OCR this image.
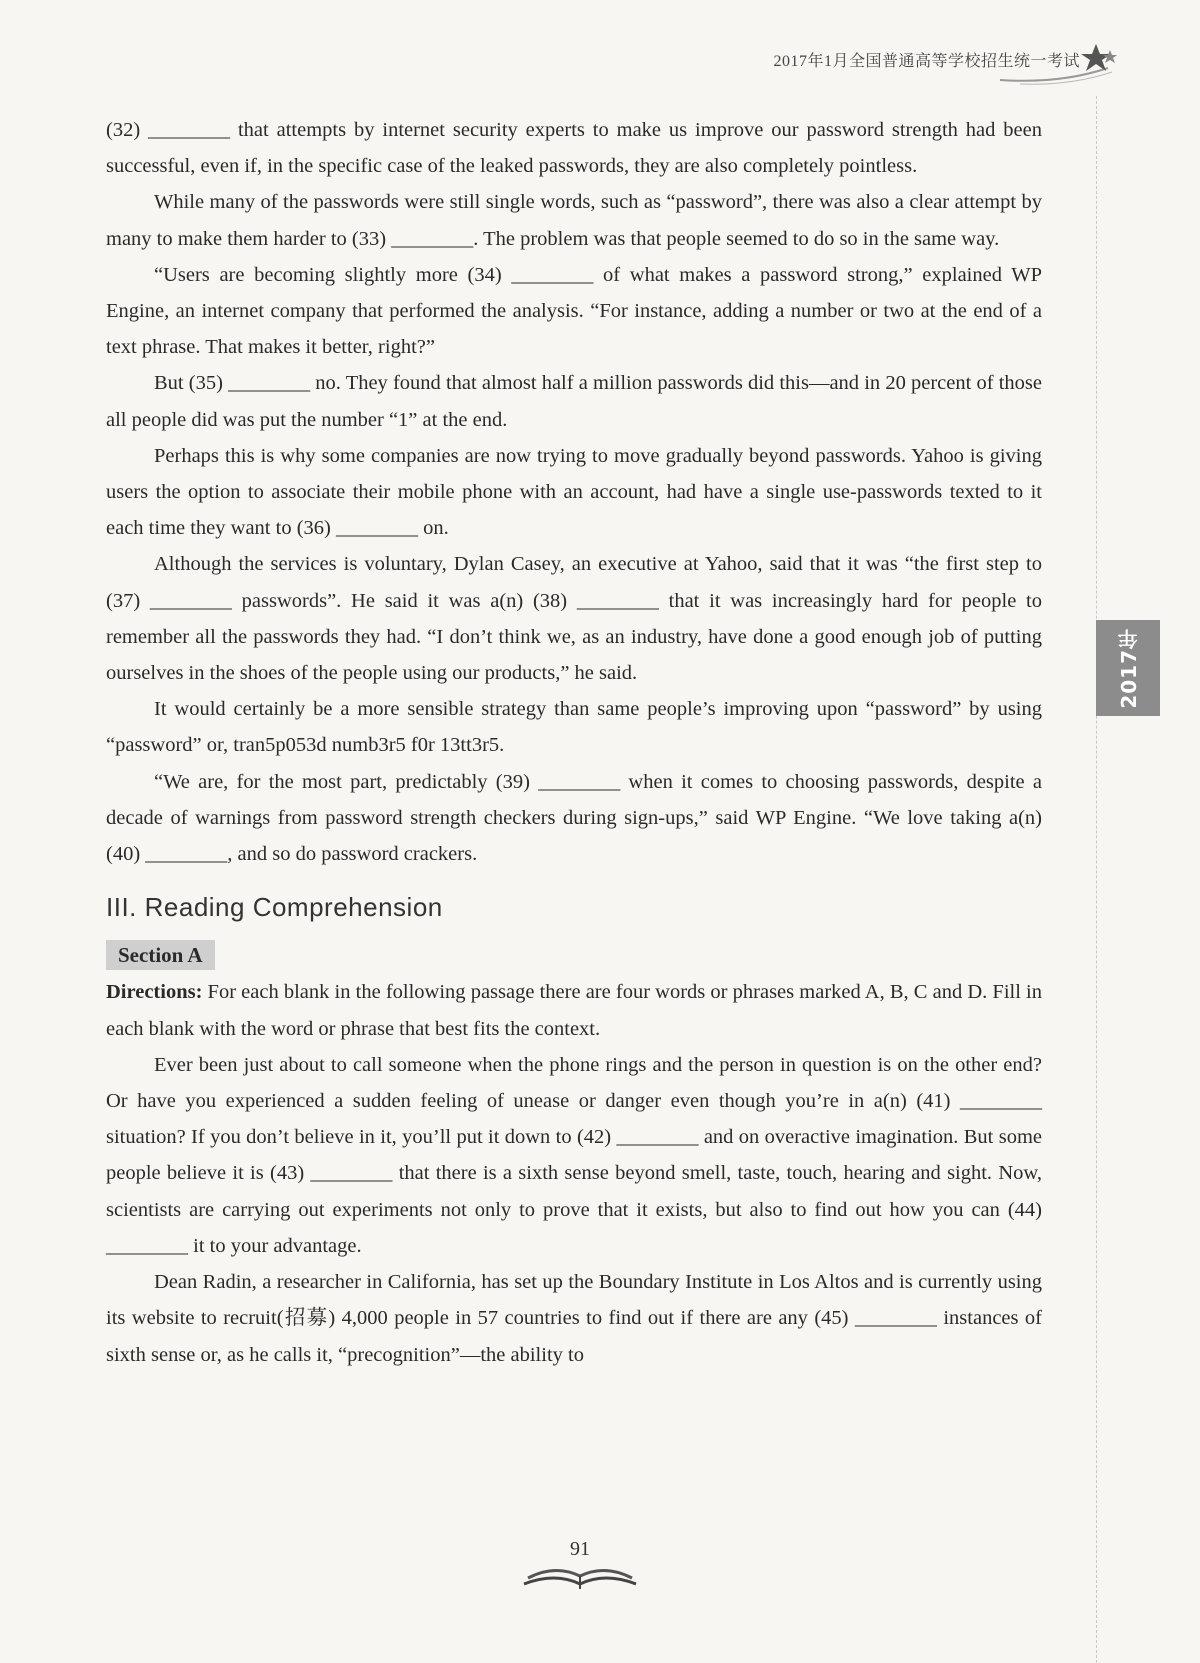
2017年1月全国普通高等学校招生统一考试
2017年

(32) ________ that attempts by internet security experts to make us improve our password strength had been successful, even if, in the specific case of the leaked passwords, they are also completely pointless.

While many of the passwords were still single words, such as “password”, there was also a clear attempt by many to make them harder to (33) ________. The problem was that people seemed to do so in the same way.

“Users are becoming slightly more (34) ________ of what makes a password strong,” explained WP Engine, an internet company that performed the analysis. “For instance, adding a number or two at the end of a text phrase. That makes it better, right?”

But (35) ________ no. They found that almost half a million passwords did this—and in 20 percent of those all people did was put the number “1” at the end.

Perhaps this is why some companies are now trying to move gradually beyond passwords. Yahoo is giving users the option to associate their mobile phone with an account, had have a single use-passwords texted to it each time they want to (36) ________ on.

Although the services is voluntary, Dylan Casey, an executive at Yahoo, said that it was “the first step to (37) ________ passwords”. He said it was a(n) (38) ________ that it was increasingly hard for people to remember all the passwords they had. “I don’t think we, as an industry, have done a good enough job of putting ourselves in the shoes of the people using our products,” he said.

It would certainly be a more sensible strategy than same people’s improving upon “password” by using “password” or, tran5p053d numb3r5 f0r 13tt3r5.

“We are, for the most part, predictably (39) ________ when it comes to choosing passwords, despite a decade of warnings from password strength checkers during sign-ups,” said WP Engine. “We love taking a(n) (40) ________, and so do password crackers.

III. Reading Comprehension
Section A

Directions: For each blank in the following passage there are four words or phrases marked A, B, C and D. Fill in each blank with the word or phrase that best fits the context.

Ever been just about to call someone when the phone rings and the person in question is on the other end? Or have you experienced a sudden feeling of unease or danger even though you’re in a(n) (41) ________ situation? If you don’t believe in it, you’ll put it down to (42) ________ and on overactive imagination. But some people believe it is (43) ________ that there is a sixth sense beyond smell, taste, touch, hearing and sight. Now, scientists are carrying out experiments not only to prove that it exists, but also to find out how you can (44) ________ it to your advantage.

Dean Radin, a researcher in California, has set up the Boundary Institute in Los Altos and is currently using its website to recruit(招募) 4,000 people in 57 countries to find out if there are any (45) ________ instances of sixth sense or, as he calls it, “precognition”—the ability to

91
